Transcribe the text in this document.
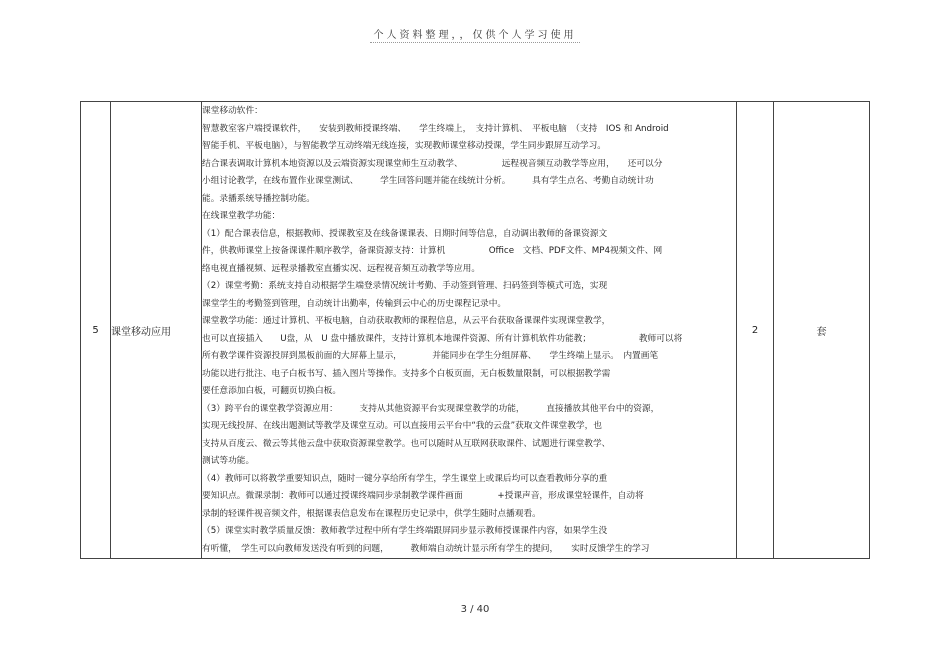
个人资料整理，，仅供个人学习使用
5	课堂移动应用	
课堂移动软件：
智慧教室客户端授课软件，　　安装到教师授课终端、　　学生终端上，　支持计算机、　平板电脑　（支持　IOS 和 Android
智能手机、平板电脑），与智能教学互动终端无线连接，实现教师课堂移动授课，学生同步跟屏互动学习。
结合课表调取计算机本地资源以及云端资源实现课堂师生互动教学、　　　　　远程视音频互动教学等应用，　　还可以分
小组讨论教学，在线布置作业课堂测试、　　　学生回答问题并能在线统计分析。　　　具有学生点名、考勤自动统计功
能。录播系统导播控制功能。
在线课堂教学功能：
（1）配合课表信息，根据教师、授课教室及在线备课课表、日期时间等信息，自动调出教师的备课资源文
件，供教师课堂上按备课课件顺序教学，备课资源支持：计算机　　　　　Office　文档、PDF文件、MP4视频文件、网
络电视直播视频、远程录播教室直播实况、远程视音频互动教学等应用。
（2）课堂考勤：系统支持自动根据学生端登录情况统计考勤、手动签到管理、扫码签到等模式可选，实现
课堂学生的考勤签到管理，自动统计出勤率，传输到云中心的历史课程记录中。
课堂教学功能：通过计算机、平板电脑，自动获取教师的课程信息，从云平台获取备课课件实现课堂教学，
也可以直接插入　　U盘，从　U 盘中播放课件，支持计算机本地课件资源、所有计算机软件功能教；　　　　　　教师可以将
所有教学课件资源投屏到黑板前面的大屏幕上显示，　　　　并能同步在学生分组屏幕、　　学生终端上显示。　内置画笔
功能以进行批注、电子白板书写、插入图片等操作。支持多个白板页面，无白板数量限制，可以根据教学需
要任意添加白板，可翻页切换白板。
（3）跨平台的课堂教学资源应用：　　　支持从其他资源平台实现课堂教学的功能，　　　直接播放其他平台中的资源，
实现无线投屏、在线出题测试等教学及课堂互动。可以直接用云平台中“我的云盘”获取文件课堂教学，也
支持从百度云、微云等其他云盘中获取资源课堂教学。也可以随时从互联网获取课件、试题进行课堂教学、
测试等功能。
（4）教师可以将教学重要知识点，随时一键分享给所有学生，学生课堂上或课后均可以查看教师分享的重
要知识点。微课录制：教师可以通过授课终端同步录制教学课件画面　　　　+授课声音，形成课堂轻课件，自动将
录制的轻课件视音频文件，根据课表信息发布在课程历史记录中，供学生随时点播观看。
（5）课堂实时教学质量反馈：教师教学过程中所有学生终端跟屏同步显示教师授课课件内容，如果学生没
有听懂，　学生可以向教师发送没有听到的问题，　　　教师端自动统计显示所有学生的提问，　　实时反馈学生的学习
	2	套
3 / 40
